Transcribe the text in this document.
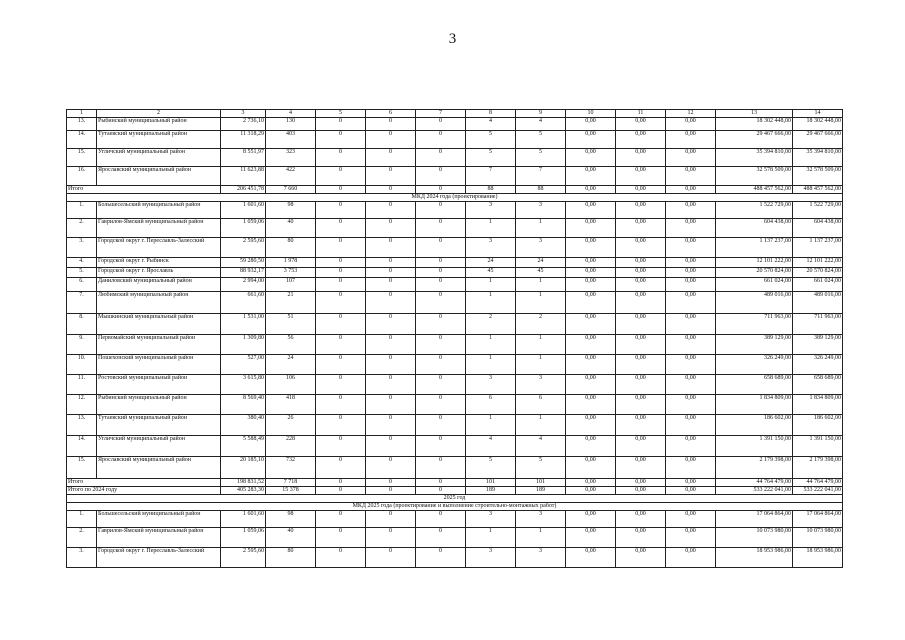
3
1	2	3	4	5	6	7	8	9	10	11	12	13	14
13.	Рыбинский муниципальный район	2 736,10	130	0	0	0	4	4	0,00	0,00	0,00	18 302 448,00	18 302 448,00
14.	Тутаевский муниципальный район	11 318,29	403	0	0	0	5	5	0,00	0,00	0,00	29 467 666,00	29 467 666,00
15.	Угличский муниципальный район	8 551,97	323	0	0	0	5	5	0,00	0,00	0,00	35 394 810,00	35 394 810,00
16.	Ярославский муниципальный район	11 623,88	422	0	0	0	7	7	0,00	0,00	0,00	32 578 509,00	32 578 509,00
Итого		206 451,78	7 660	0	0	0	88	88	0,00	0,00	0,00	488 457 562,00	488 457 562,00
МКД 2024 года (проектирование)													
1.	Большесельский муниципальный район	1 601,60	98	0	0	0	3	3	0,00	0,00	0,00	1 522 729,00	1 522 729,00
2.	Гаврилов-Ямский муниципальный район	1 059,06	40	0	0	0	1	1	0,00	0,00	0,00	604 438,00	604 438,00
3.	Городской округ г. Переславль-Залесский	2 595,60	80	0	0	0	3	3	0,00	0,00	0,00	1 137 237,00	1 137 237,00
4.	Городской округ г. Рыбинск	59 280,50	1 978	0	0	0	24	24	0,00	0,00	0,00	12 101 222,00	12 101 222,00
5.	Городской округ г. Ярославль	88 932,17	3 753	0	0	0	45	45	0,00	0,00	0,00	20 570 824,00	20 570 824,00
6.	Даниловский муниципальный район	2 994,00	107	0	0	0	1	1	0,00	0,00	0,00	661 024,00	661 024,00
7.	Любимский муниципальный район	661,60	21	0	0	0	1	1	0,00	0,00	0,00	489 016,00	489 016,00
8.	Мышкинский муниципальный район	1 531,00	51	0	0	0	2	2	0,00	0,00	0,00	711 963,00	711 963,00
9.	Первомайский муниципальный район	1 309,80	56	0	0	0	1	1	0,00	0,00	0,00	389 129,00	389 129,00
10.	Пошехонский муниципальный район	527,00	24	0	0	0	1	1	0,00	0,00	0,00	326 249,00	326 249,00
11.	Ростовский муниципальный район	3 615,80	106	0	0	0	3	3	0,00	0,00	0,00	658 689,00	658 689,00
12.	Рыбинский муниципальный район	8 569,40	418	0	0	0	6	6	0,00	0,00	0,00	1 834 809,00	1 834 809,00
13.	Тутаевский муниципальный район	380,40	26	0	0	0	1	1	0,00	0,00	0,00	186 602,00	186 602,00
14.	Угличский муниципальный район	5 588,49	228	0	0	0	4	4	0,00	0,00	0,00	1 391 150,00	1 391 150,00
15.	Ярославский муниципальный район	20 185,10	732	0	0	0	5	5	0,00	0,00	0,00	2 179 398,00	2 179 398,00
Итого		198 831,52	7 718	0	0	0	101	101	0,00	0,00	0,00	44 764 479,00	44 764 479,00
Итого по 2024 году		405 283,30	15 378	0	0	0	189	189	0,00	0,00	0,00	533 222 041,00	533 222 041,00
2025 год													
МКД 2025 года (проектирование и выполнение строительно-монтажных работ)													
1.	Большесельский муниципальный район	1 601,60	98	0	0	0	3	3	0,00	0,00	0,00	17 064 864,00	17 064 864,00
2.	Гаврилов-Ямский муниципальный район	1 059,06	40	0	0	0	1	1	0,00	0,00	0,00	10 073 980,00	10 073 980,00
3.	Городской округ г. Переславль-Залесский	2 595,60	80	0	0	0	3	3	0,00	0,00	0,00	18 953 986,00	18 953 986,00
